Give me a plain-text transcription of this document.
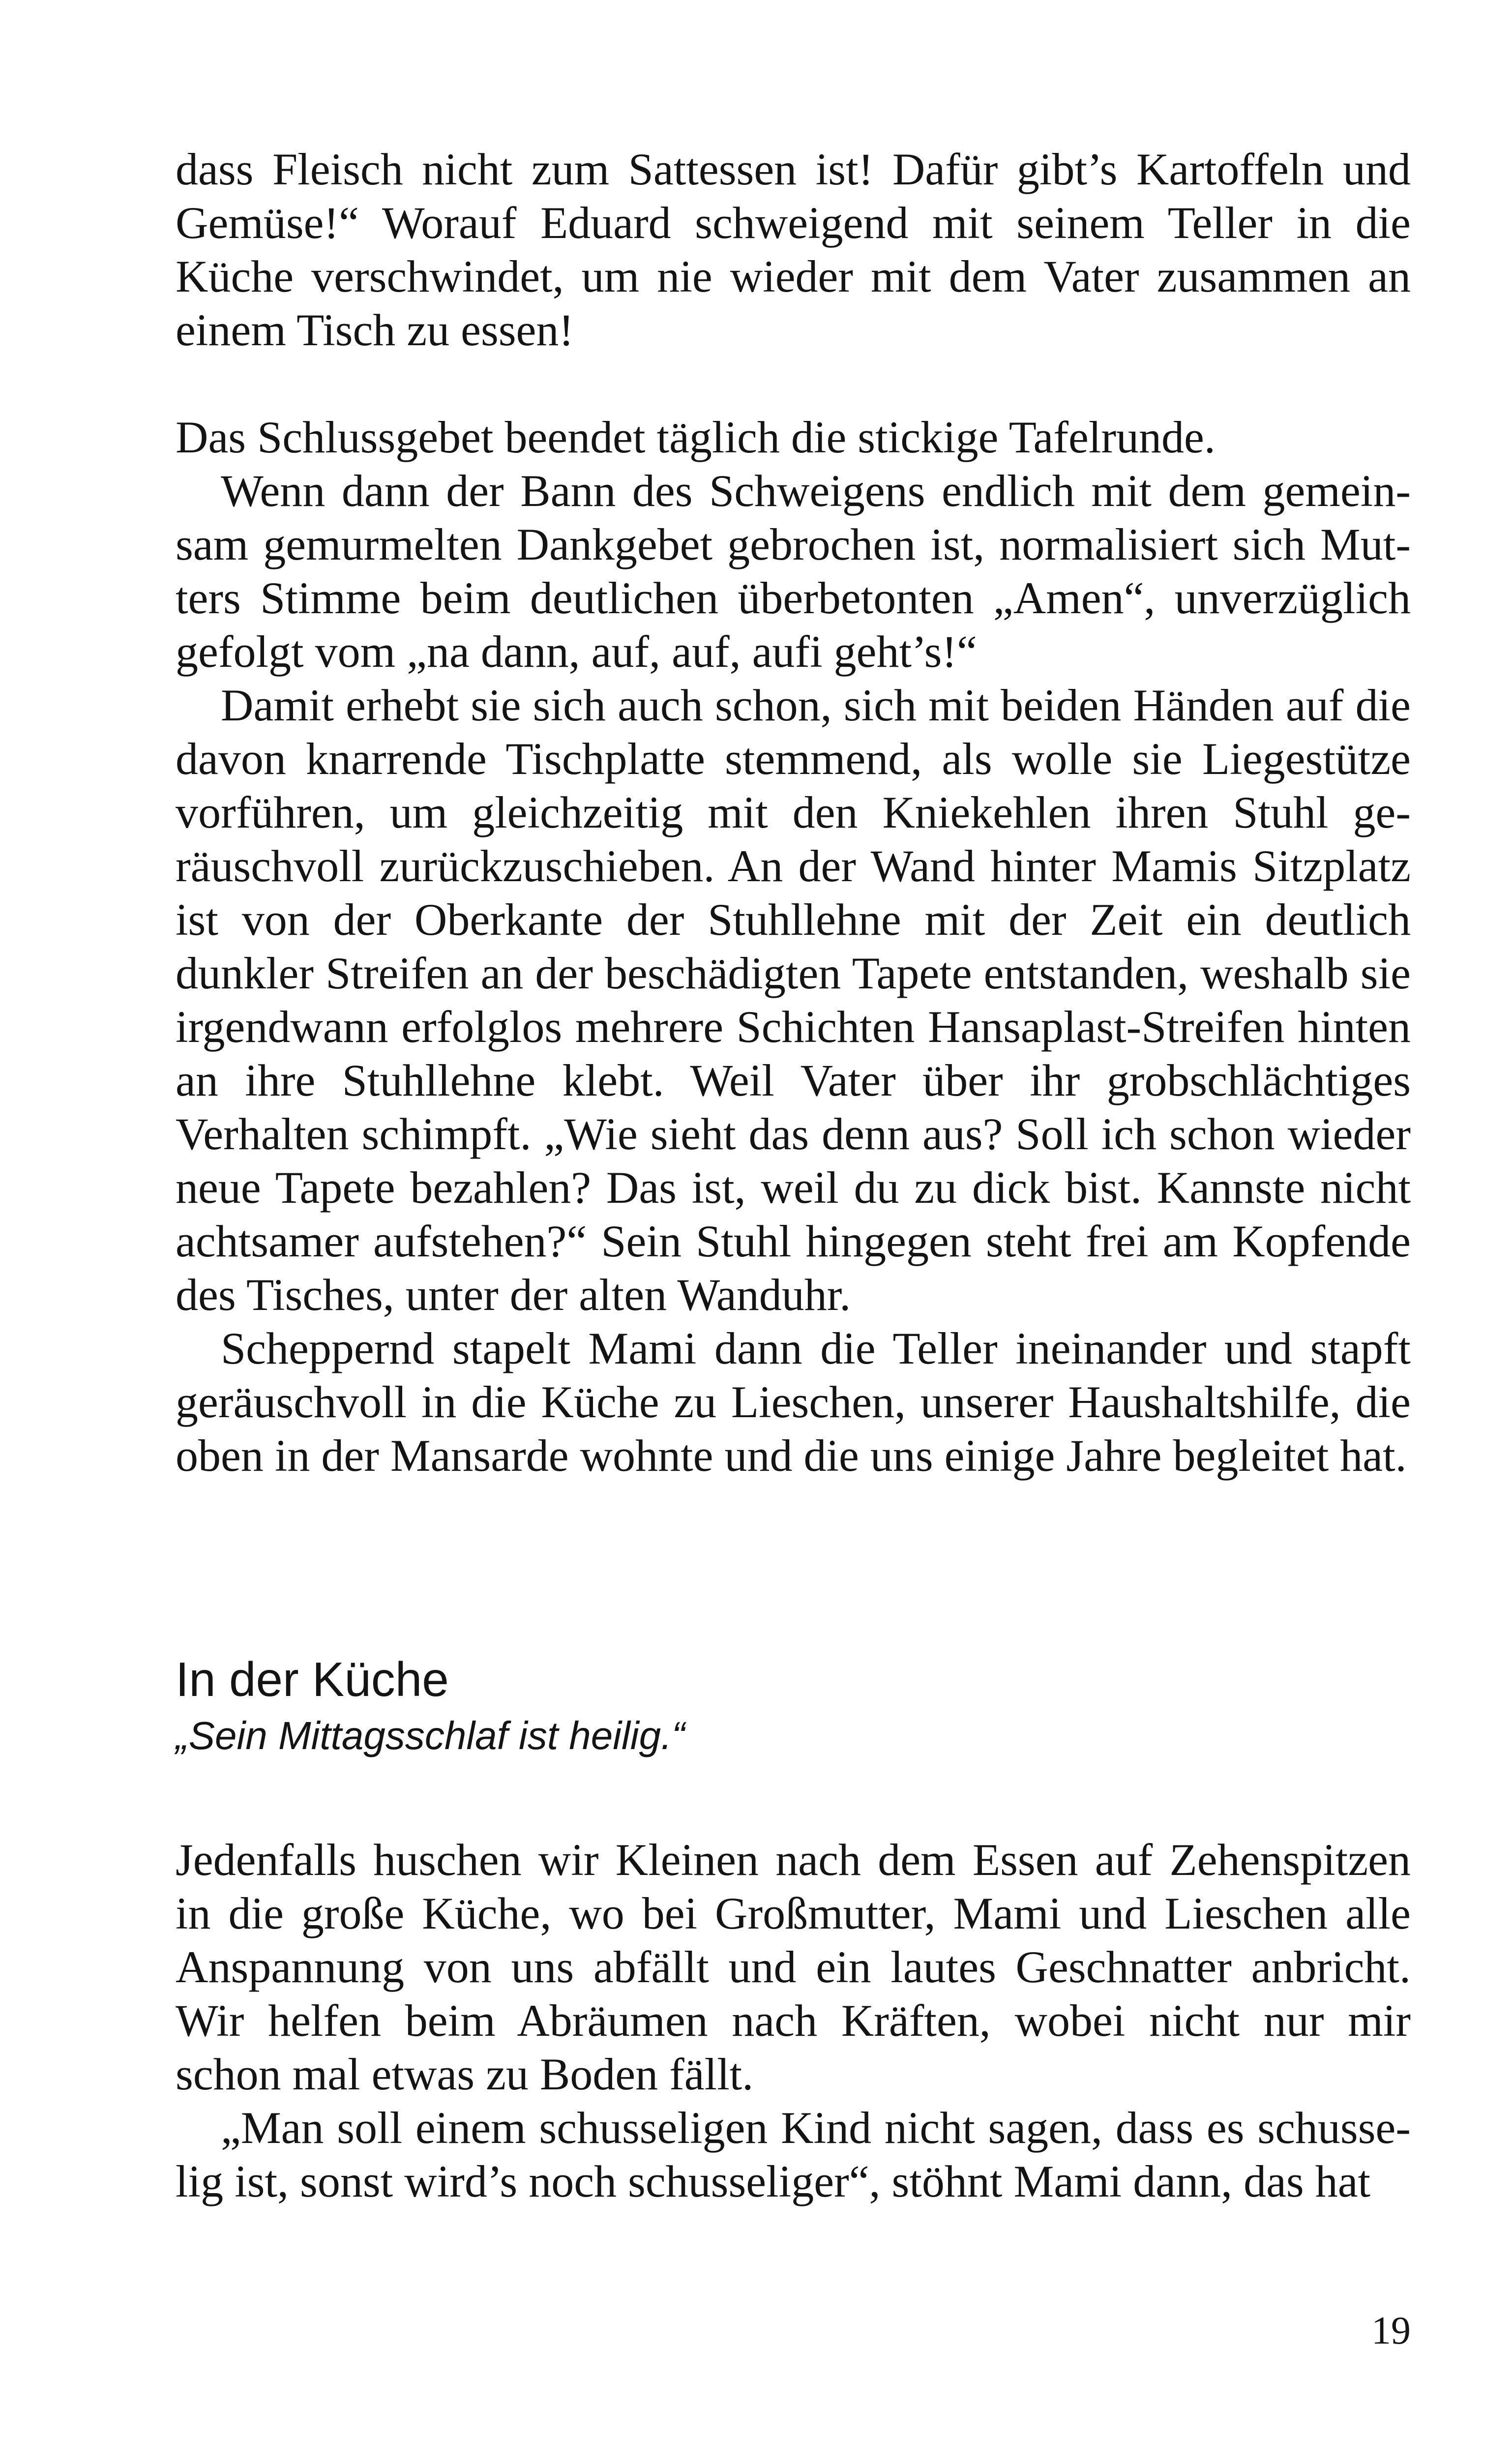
dass Fleisch nicht zum Sattessen ist! Dafür gibt’s Kartoffeln und Gemüse!“ Worauf Eduard schweigend mit seinem Teller in die Küche verschwindet, um nie wieder mit dem Vater zusammen an einem Tisch zu essen!

Das Schlussgebet beendet täglich die stickige Tafelrunde.

Wenn dann der Bann des Schweigens endlich mit dem gemeinsam gemurmelten Dankgebet gebrochen ist, normalisiert sich Mutters Stimme beim deutlichen überbetonten „Amen“, unverzüglich gefolgt vom „na dann, auf, auf, aufi geht’s!“

Damit erhebt sie sich auch schon, sich mit beiden Händen auf die davon knarrende Tischplatte stemmend, als wolle sie Liegestütze vorführen, um gleichzeitig mit den Kniekehlen ihren Stuhl geräuschvoll zurückzuschieben. An der Wand hinter Mamis Sitzplatz ist von der Oberkante der Stuhllehne mit der Zeit ein deutlich dunkler Streifen an der beschädigten Tapete entstanden, weshalb sie irgendwann erfolglos mehrere Schichten Hansaplast-Streifen hinten an ihre Stuhllehne klebt. Weil Vater über ihr grobschlächtiges Verhalten schimpft. „Wie sieht das denn aus? Soll ich schon wieder neue Tapete bezahlen? Das ist, weil du zu dick bist. Kannste nicht achtsamer aufstehen?“ Sein Stuhl hingegen steht frei am Kopfende des Tisches, unter der alten Wanduhr.

Scheppernd stapelt Mami dann die Teller ineinander und stapft geräuschvoll in die Küche zu Lieschen, unserer Haushaltshilfe, die oben in der Mansarde wohnte und die uns einige Jahre begleitet hat.

In der Küche

„Sein Mittagsschlaf ist heilig.“

Jedenfalls huschen wir Kleinen nach dem Essen auf Zehenspitzen in die große Küche, wo bei Großmutter, Mami und Lieschen alle Anspannung von uns abfällt und ein lautes Geschnatter anbricht. Wir helfen beim Abräumen nach Kräften, wobei nicht nur mir schon mal etwas zu Boden fällt.

„Man soll einem schusseligen Kind nicht sagen, dass es schusselig ist, sonst wird’s noch schusseliger“, stöhnt Mami dann, das hat

19
